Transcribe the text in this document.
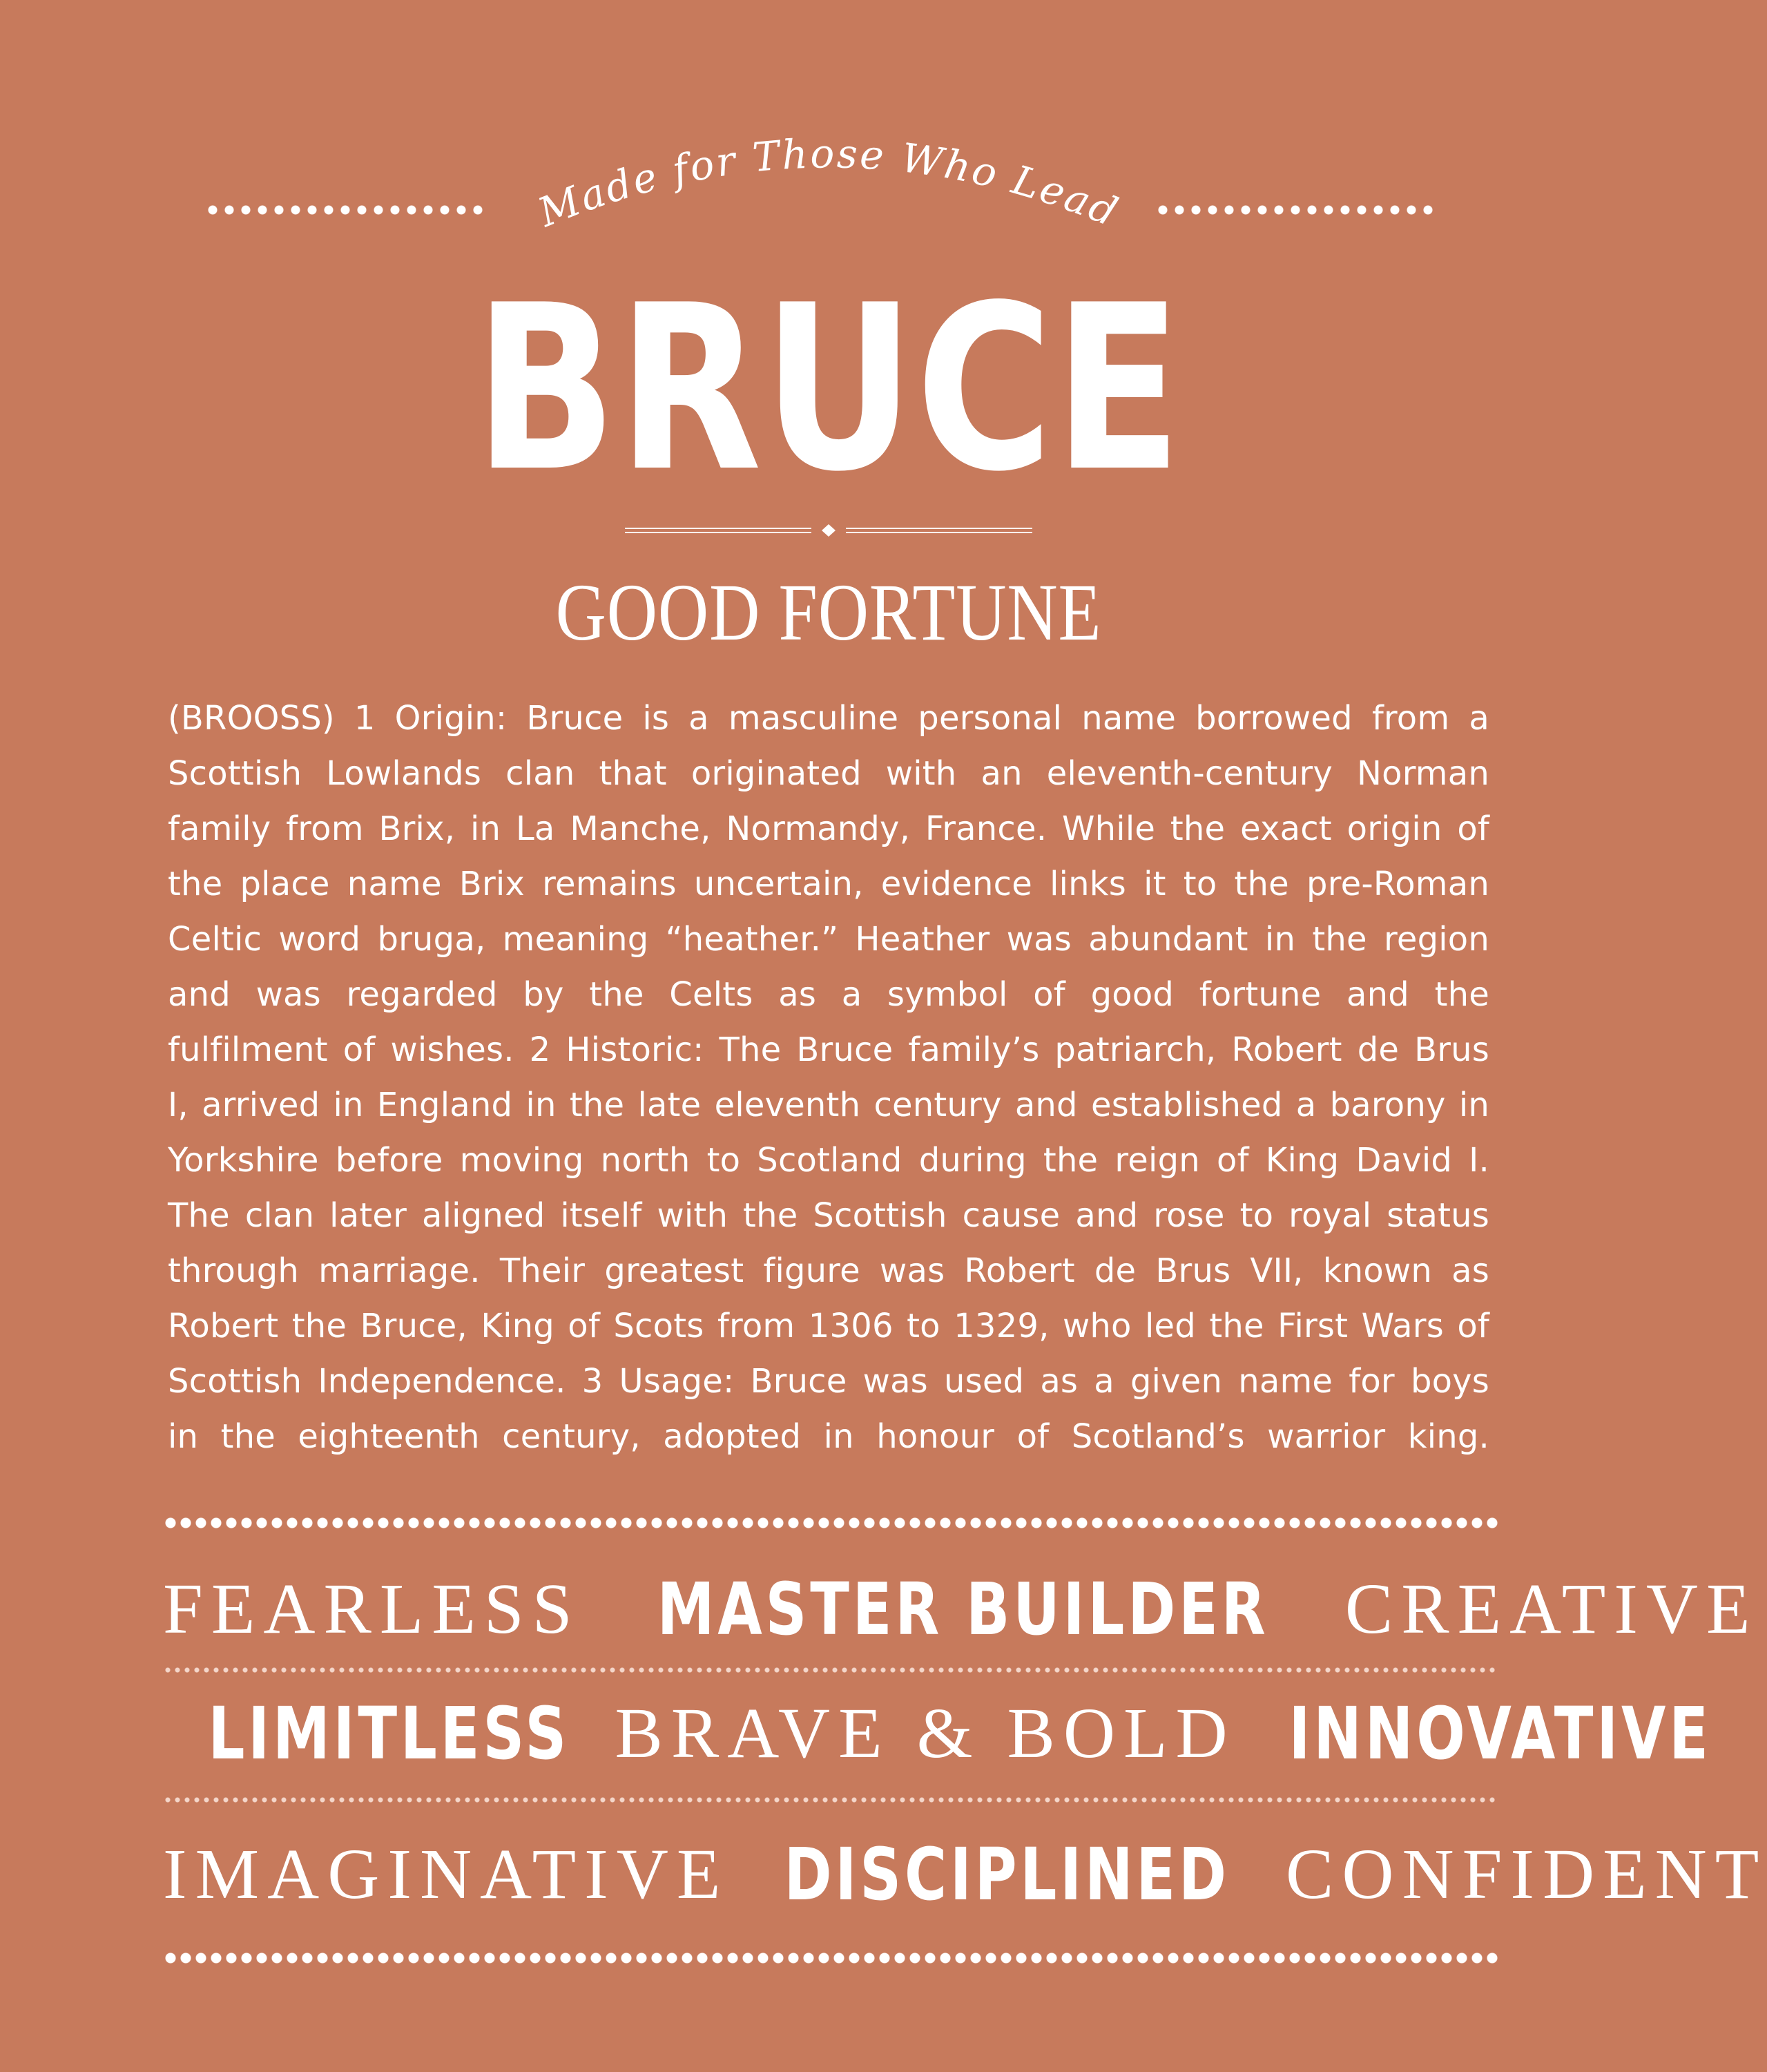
Made for Those Who Lead
BRUCE
GOOD FORTUNE
(BROOSS) 1 Origin: Bruce is a masculine personal name borrowed from a
Scottish Lowlands clan that originated with an eleventh-century Norman
family from Brix, in La Manche, Normandy, France. While the exact origin of
the place name Brix remains uncertain, evidence links it to the pre-Roman
Celtic word bruga, meaning “heather.” Heather was abundant in the region
and was regarded by the Celts as a symbol of good fortune and the
fulfilment of wishes. 2 Historic: The Bruce family’s patriarch, Robert de Brus
I, arrived in England in the late eleventh century and established a barony in
Yorkshire before moving north to Scotland during the reign of King David I.
The clan later aligned itself with the Scottish cause and rose to royal status
through marriage. Their greatest figure was Robert de Brus VII, known as
Robert the Bruce, King of Scots from 1306 to 1329, who led the First Wars of
Scottish Independence. 3 Usage: Bruce was used as a given name for boys
in the eighteenth century, adopted in honour of Scotland’s warrior king.
FEARLESS MASTER BUILDER CREATIVE
LIMITLESS BRAVE & BOLD INNOVATIVE
IMAGINATIVE DISCIPLINED CONFIDENT
